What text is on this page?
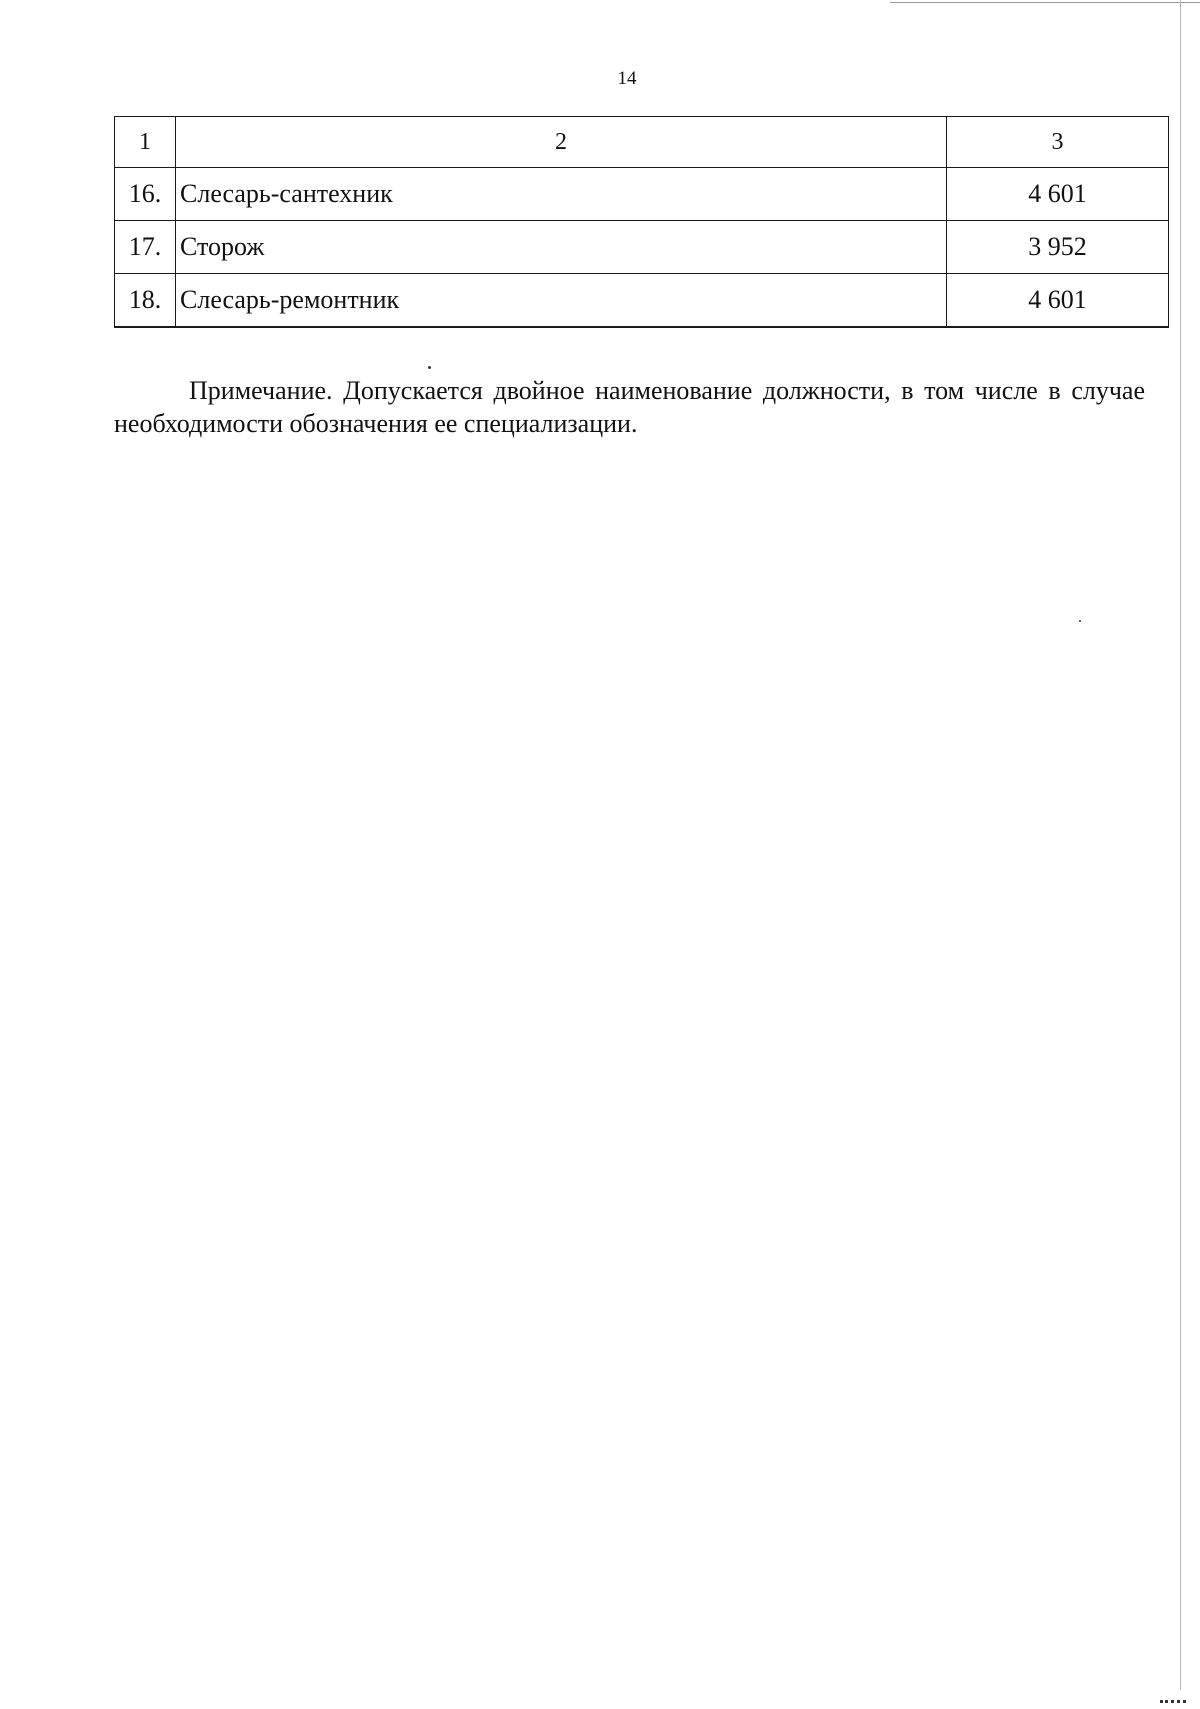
14
1	2	3
16.	Слесарь-сантехник	4 601
17.	Сторож	3 952
18.	Слесарь-ремонтник	4 601
Примечание. Допускается двойное наименование должности, в том числе в случае необходимости обозначения ее специализации.
